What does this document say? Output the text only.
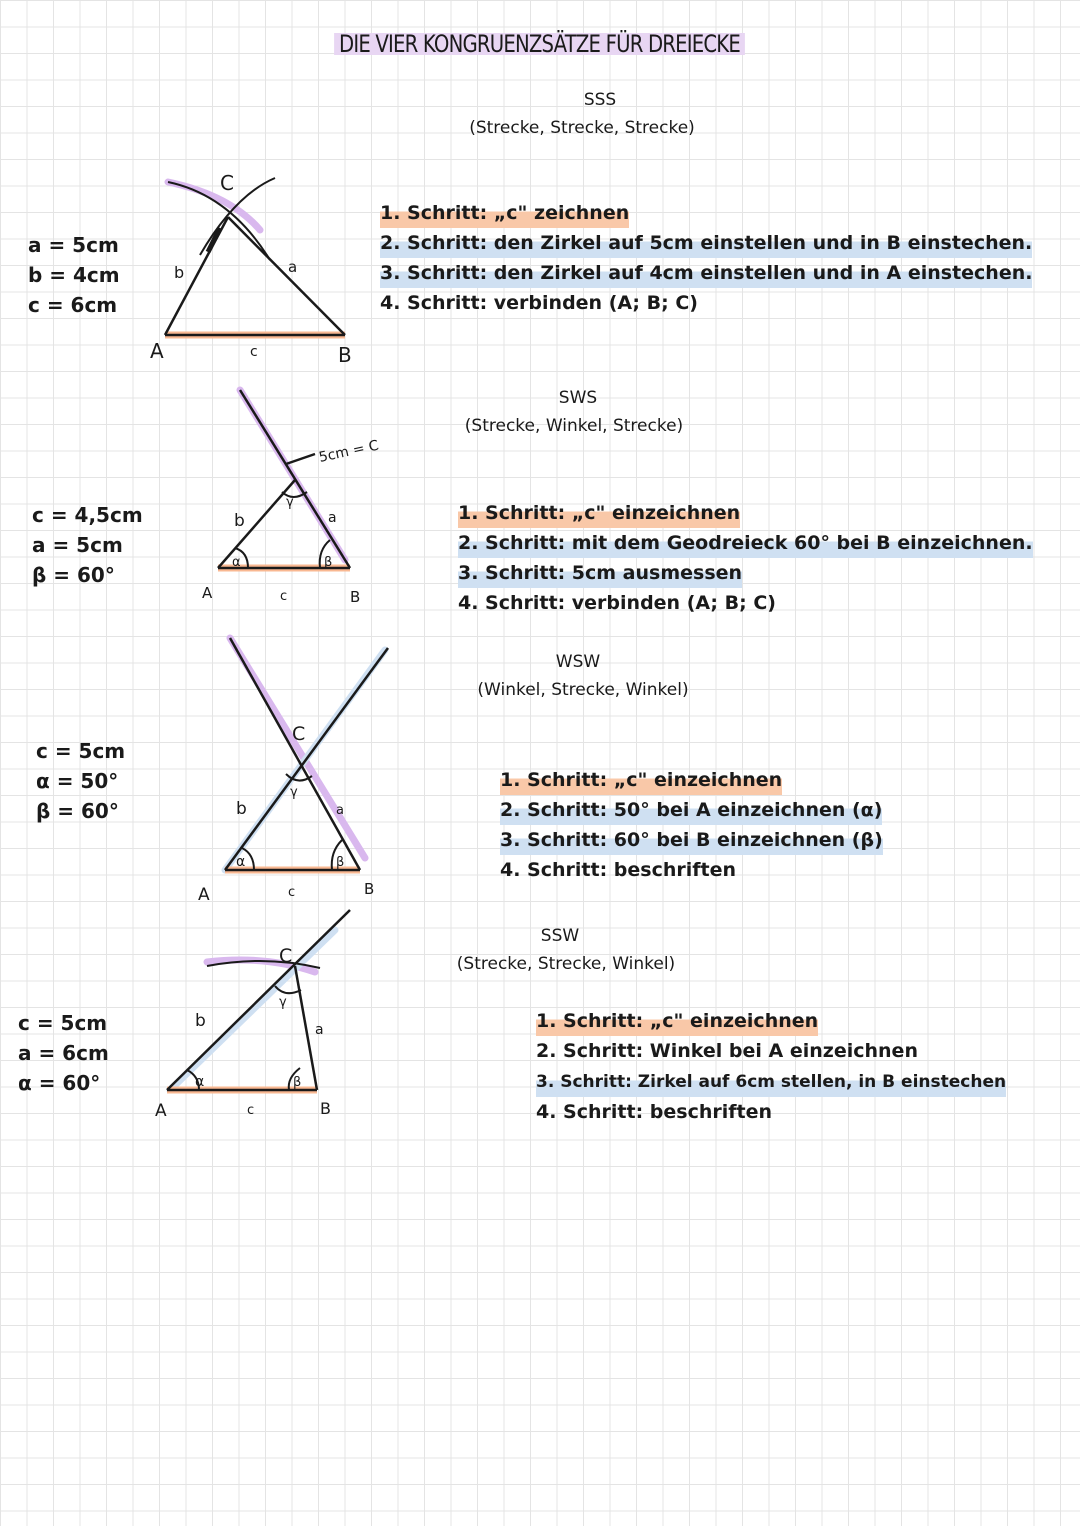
DIE VIER KONGRUENZSÄTZE FÜR DREIECKE
SSS
(Strecke, Strecke, Strecke)
a = 5cm
b = 4cm
c = 6cm
C
A	B
b	a
c
1. Schritt: „c" zeichnen 2. Schritt: den Zirkel auf 5cm einstellen und in B einstechen. 3. Schritt: den Zirkel auf 4cm einstellen und in A einstechen.
4. Schritt: verbinden (A; B; C)
SWS
(Strecke, Winkel, Strecke)
c = 4,5cm
a = 5cm
β = 60°
5cm = C
b	a
c
A	B
α	β
γ	1. Schritt: „c" einzeichnen 2. Schritt: mit dem Geodreieck 60° bei B einzeichnen. 3. Schritt: 5cm ausmessen
4. Schritt: verbinden (A; B; C)
WSW
(Winkel, Strecke, Winkel)
c = 5cm
α = 50°
β = 60°
C
b	a
c
A	B
α	β
γ
1. Schritt: „c" einzeichnen 2. Schritt: 50° bei A einzeichnen (α) 3. Schritt: 60° bei B einzeichnen (β)
4. Schritt: beschriften
SSW
(Strecke, Strecke, Winkel)
c = 5cm
a = 6cm
α = 60°
C
b	a
c
A	B
α	β
γ
1. Schritt: „c" einzeichnen
2. Schritt: Winkel bei A einzeichnen
3. Schritt: Zirkel auf 6cm stellen, in B einstechen
4. Schritt: beschriften
